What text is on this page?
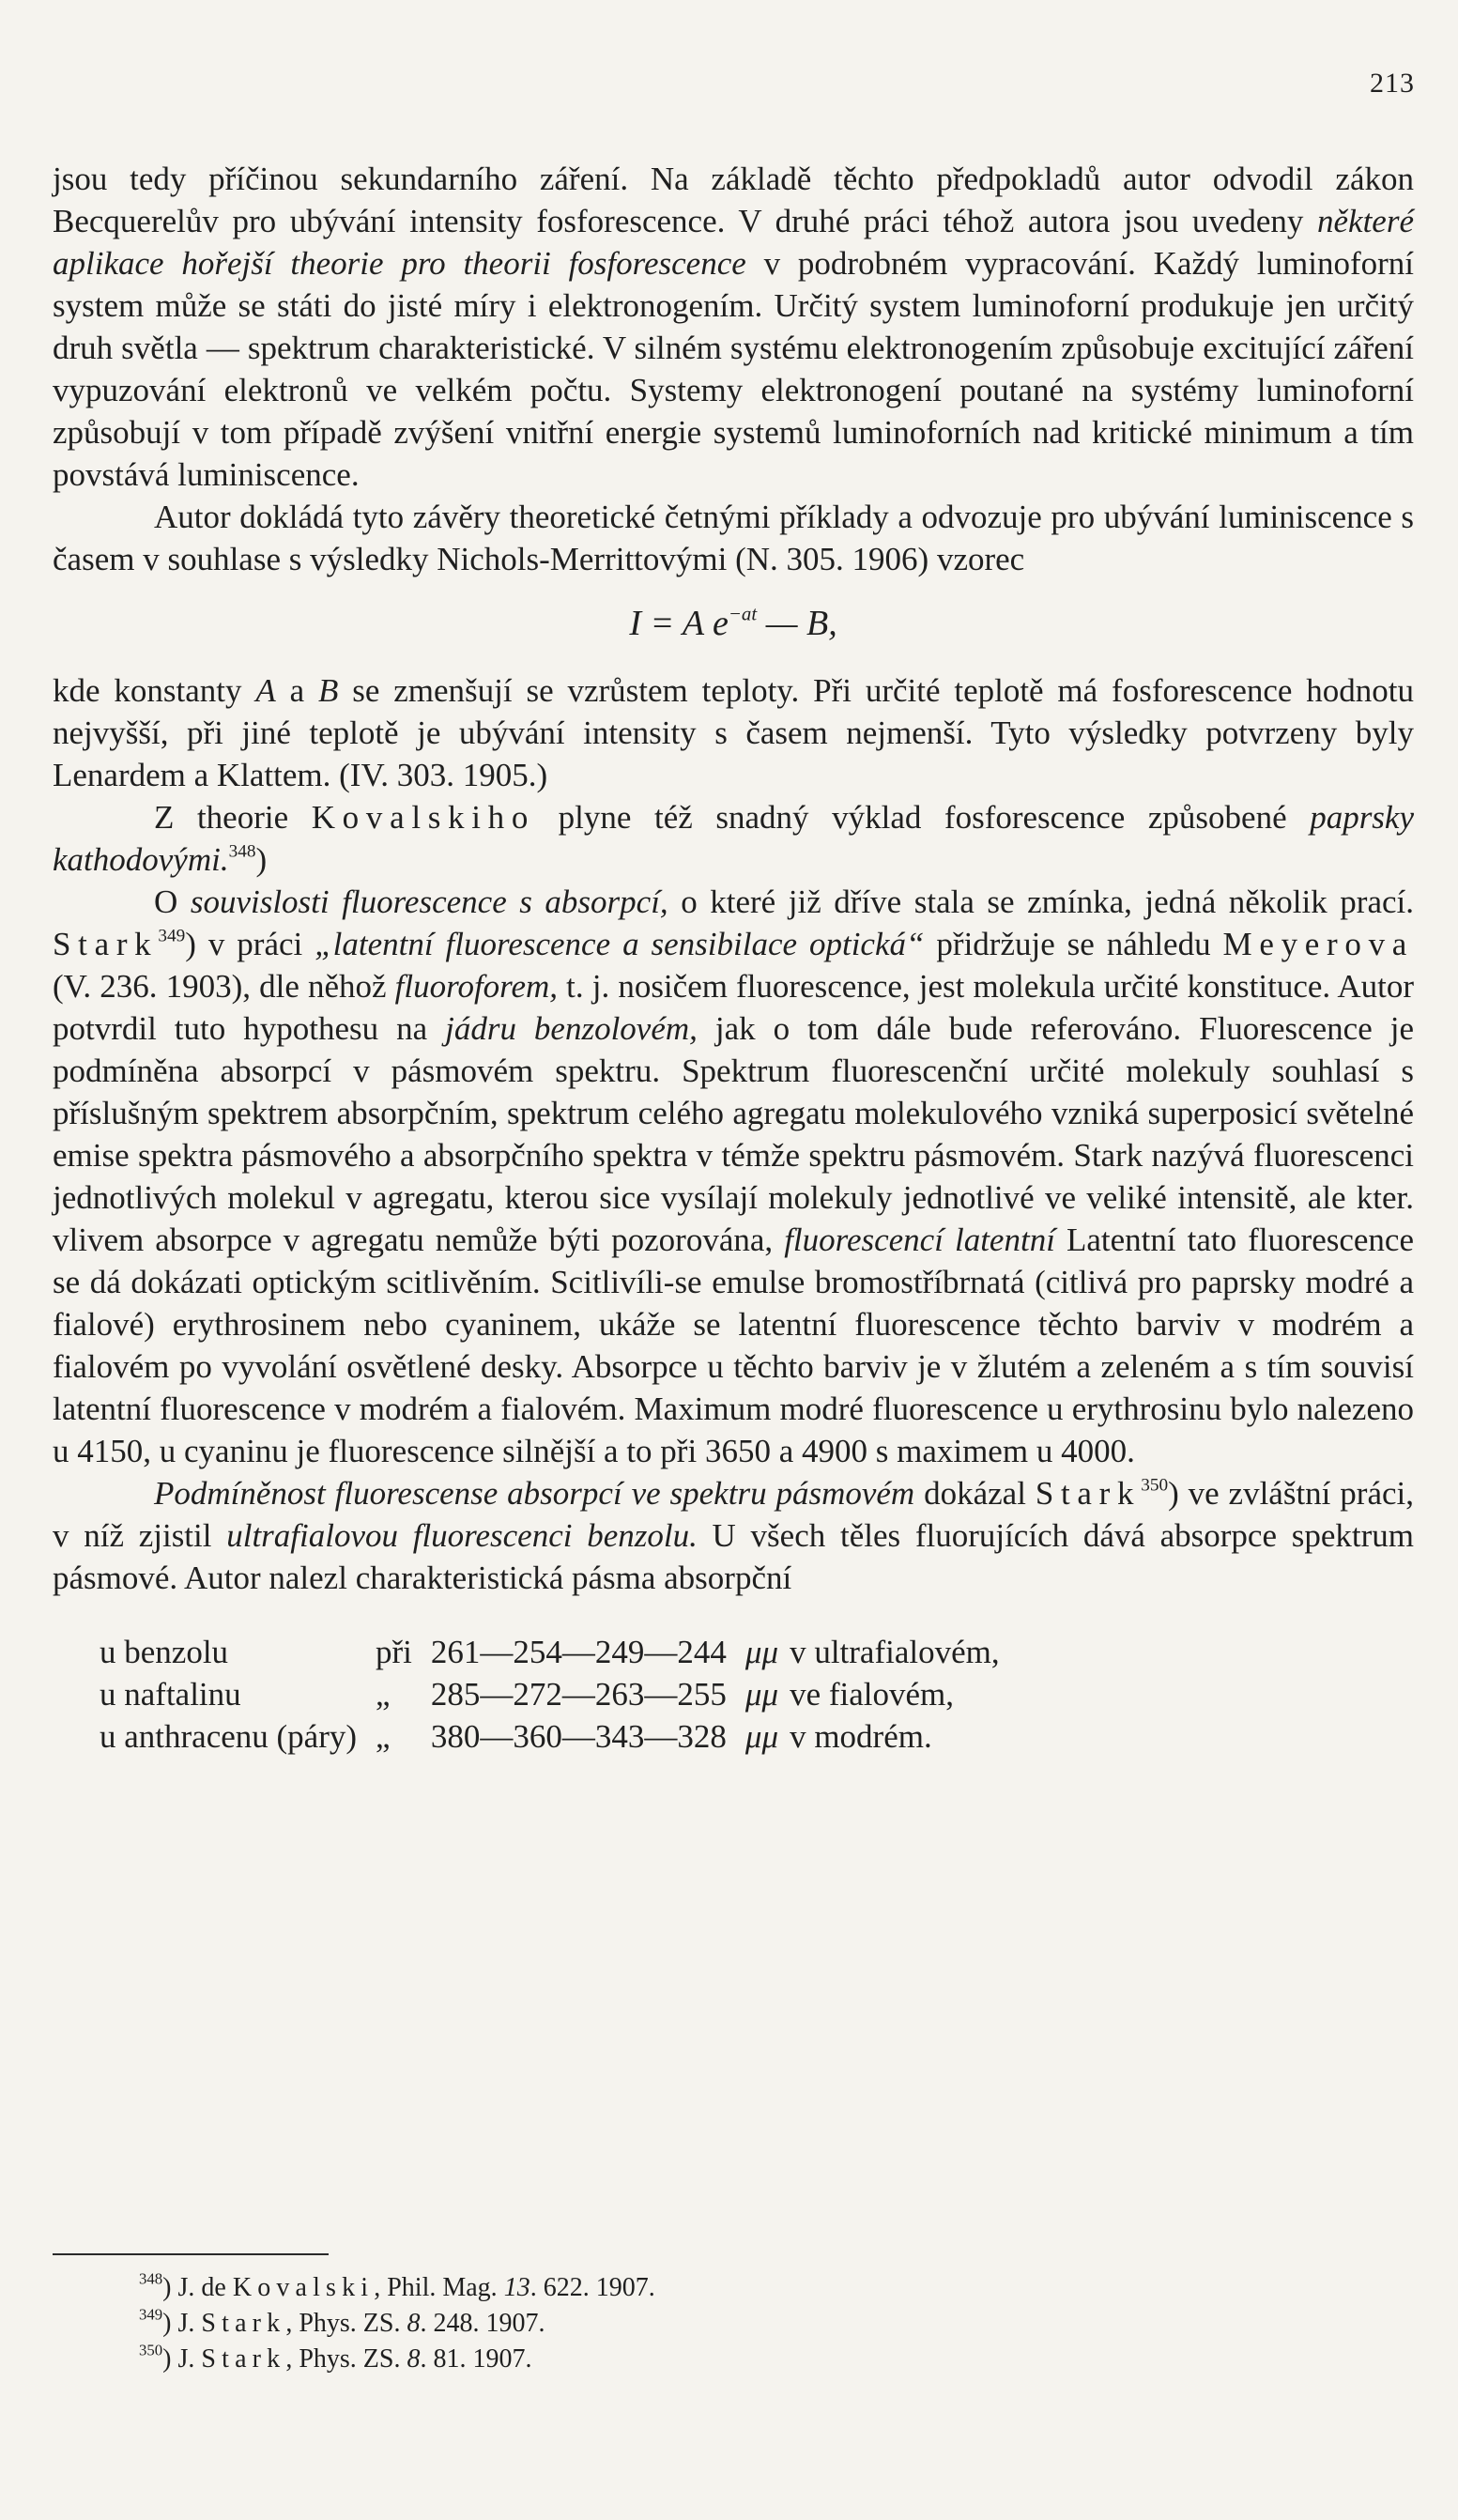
213

jsou tedy příčinou sekundarního záření. Na základě těchto předpokladů autor odvodil zákon Becquerelův pro ubývání intensity fosforescence. V druhé práci téhož autora jsou uvedeny některé aplikace hořejší theorie pro theorii fosforescence v podrobném vypracování. Každý luminoforní system může se státi do jisté míry i elektronogením. Určitý system luminoforní produkuje jen určitý druh světla — spektrum charakteristické. V silném systému elektronogením způsobuje excitující záření vypuzování elektronů ve velkém počtu. Systemy elektronogení poutané na systémy luminoforní způsobují v tom případě zvýšení vnitřní energie systemů luminoforních nad kritické minimum a tím povstává luminiscence.

Autor dokládá tyto závěry theoretické četnými příklady a odvozuje pro ubývání luminiscence s časem v souhlase s výsledky Nichols-Merrittovými (N. 305. 1906) vzorec

I = A $e^{-at}$ — B,

kde konstanty A a B se zmenšují se vzrůstem teploty. Při určité teplotě má fosforescence hodnotu nejvyšší, při jiné teplotě je ubývání intensity s časem nejmenší. Tyto výsledky potvrzeny byly Lenardem a Klattem. (IV. 303. 1905.)

Z theorie Kovalskiho plyne též snadný výklad fosforescence způsobené paprsky kathodovými.$^{348}$)

O souvislosti fluorescence s absorpcí, o které již dříve stala se zmínka, jedná několik prací. Stark$^{349}$) v práci „latentní fluorescence a sensibilace optická“ přidržuje se náhledu Meyerova (V. 236. 1903), dle něhož fluoroforem, t. j. nosičem fluorescence, jest molekula určité konstituce. Autor potvrdil tuto hypothesu na jádru benzolovém, jak o tom dále bude referováno. Fluorescence je podmíněna absorpcí v pásmovém spektru. Spektrum fluorescenční určité molekuly souhlasí s příslušným spektrem absorpčním, spektrum celého agregatu molekulového vzniká superposicí světelné emise spektra pásmového a absorpčního spektra v témže spektru pásmovém. Stark nazývá fluorescenci jednotlivých molekul v agregatu, kterou sice vysílají molekuly jednotlivé ve veliké intensitě, ale kter. vlivem absorpce v agregatu nemůže býti pozorována, fluorescencí latentní Latentní tato fluorescence se dá dokázati optickým scitlivěním. Scitlivíli-se emulse bromostříbrnatá (citlivá pro paprsky modré a fialové) erythrosinem nebo cyaninem, ukáže se latentní fluorescence těchto barviv v modrém a fialovém po vyvolání osvětlené desky. Absorpce u těchto barviv je v žlutém a zeleném a s tím souvisí latentní fluorescence v modrém a fialovém. Maximum modré fluorescence u erythrosinu bylo nalezeno u 4150, u cyaninu je fluorescence silnější a to při 3650 a 4900 s maximem u 4000.

Podmíněnost fluorescense absorpcí ve spektru pásmovém dokázal Stark$^{350}$) ve zvláštní práci, v níž zjistil ultrafialovou fluorescenci benzolu. U všech těles fluorujících dává absorpce spektrum pásmové. Autor nalezl charakteristická pásma absorpční

u benzolu	při	261—254—249—244	μμ	v ultrafialovém,
u naftalinu	„	285—272—263—255	μμ	ve fialovém,
u anthracenu (páry)	„	380—360—343—328	μμ	v modrém.
$^{348}$) J. de Kovalski, Phil. Mag. 13. 622. 1907.
$^{349}$) J. Stark, Phys. ZS. 8. 248. 1907.
$^{350}$) J. Stark, Phys. ZS. 8. 81. 1907.
